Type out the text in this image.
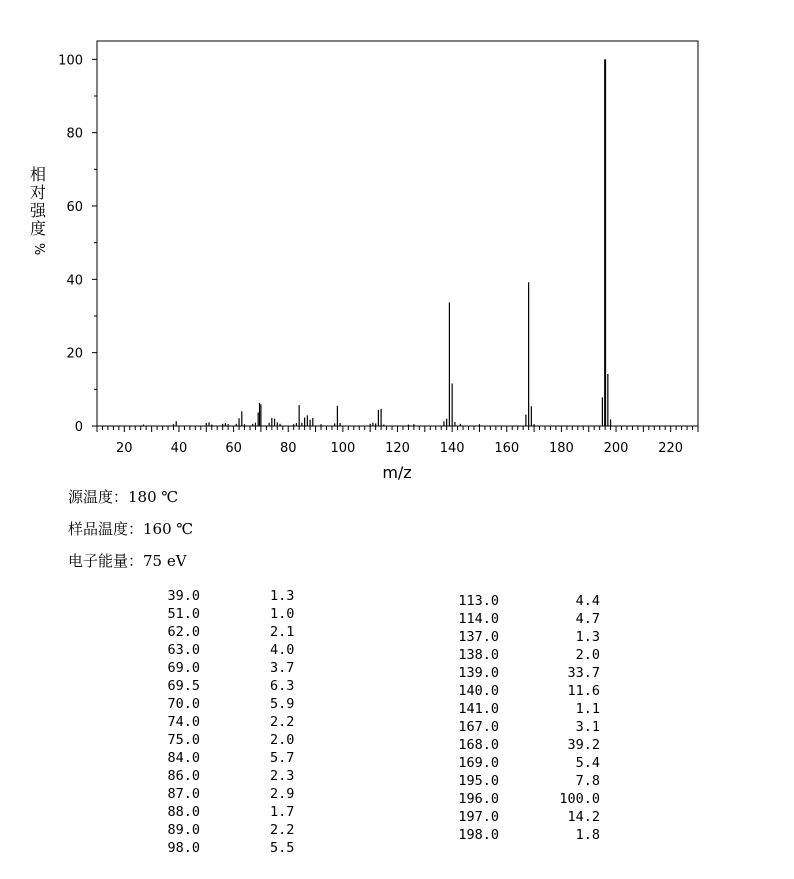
0
20
40
60
80
100
20	40	60	80	100 120 140 160 180 200 220
m/z
相
对
强
度
%
源温度：180 ℃
样品温度：160 ℃
电子能量：75 eV
39.0	1.3
51.0	1.0
62.0	2.1
63.0	4.0
69.0	3.7
69.5	6.3
70.0	5.9
74.0	2.2
75.0	2.0
84.0	5.7
86.0	2.3
87.0	2.9
88.0	1.7
89.0	2.2
98.0	5.5
113.0	4.4
114.0	4.7
137.0	1.3
138.0	2.0
139.0	33.7
140.0	11.6
141.0	1.1
167.0	3.1
168.0	39.2
169.0	5.4
195.0	7.8
196.0	100.0
197.0	14.2
198.0	1.8
